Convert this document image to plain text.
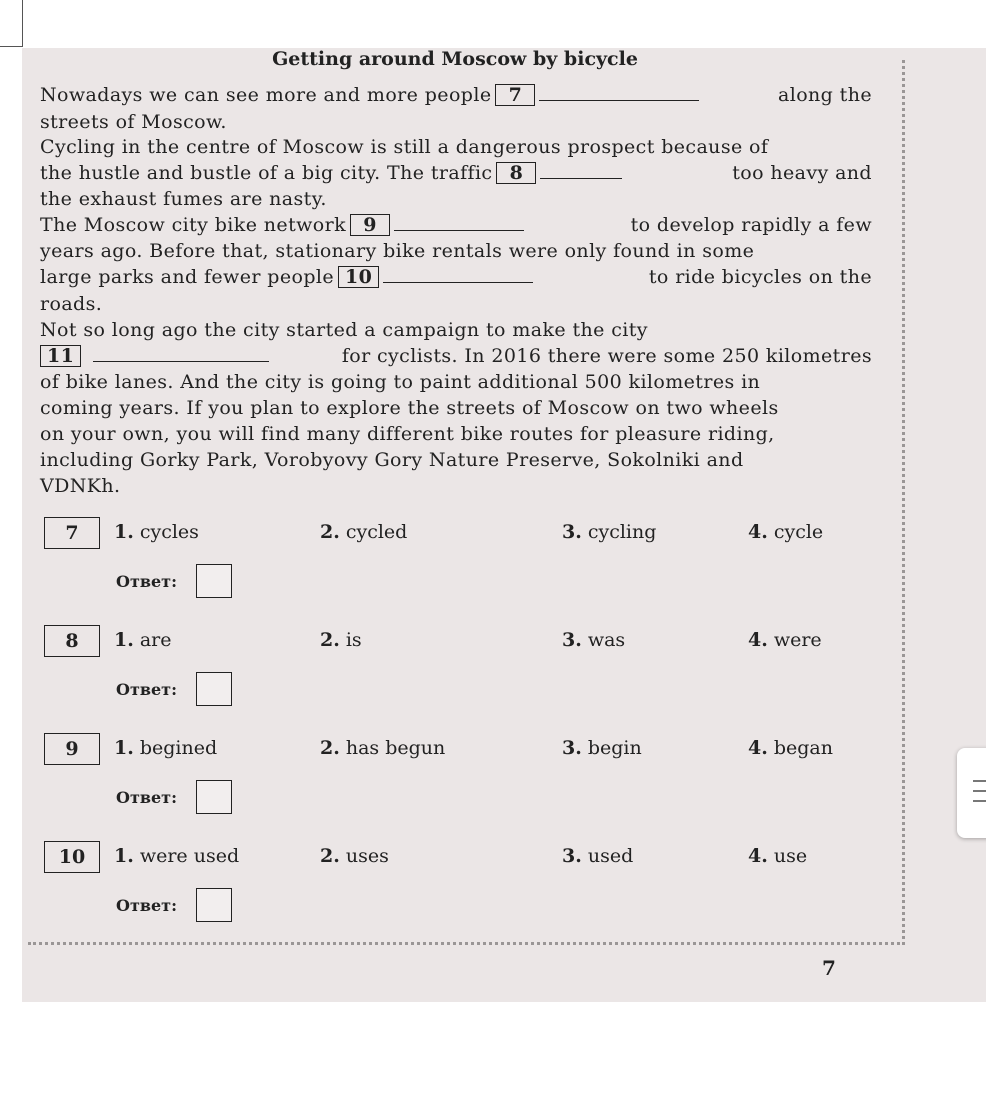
Getting around Moscow by bicycle
Nowadays we can see more and more people 7	along the
streets of Moscow.
Cycling in the centre of Moscow is still a dangerous prospect because of
the hustle and bustle of a big city. The traffic 8	too heavy and
the exhaust fumes are nasty.
The Moscow city bike network 9	to develop rapidly a few
years ago. Before that, stationary bike rentals were only found in some
large parks and fewer people 10	to ride bicycles on the
roads.
Not so long ago the city started a campaign to make the city
11	for cyclists. In 2016 there were some 250 kilometres
of bike lanes. And the city is going to paint additional 500 kilometres in
coming years. If you plan to explore the streets of Moscow on two wheels
on your own, you will find many different bike routes for pleasure riding,
including Gorky Park, Vorobyovy Gory Nature Preserve, Sokolniki and
VDNKh.
7	1. cycles	2. cycled	3. cycling	4. cycle
Ответ:
8	1. are	2. is	3. was	4. were
Ответ:
9	1. begined	2. has begun	3. begin	4. began
Ответ:
10	1. were used	2. uses	3. used	4. use
Ответ:
7
